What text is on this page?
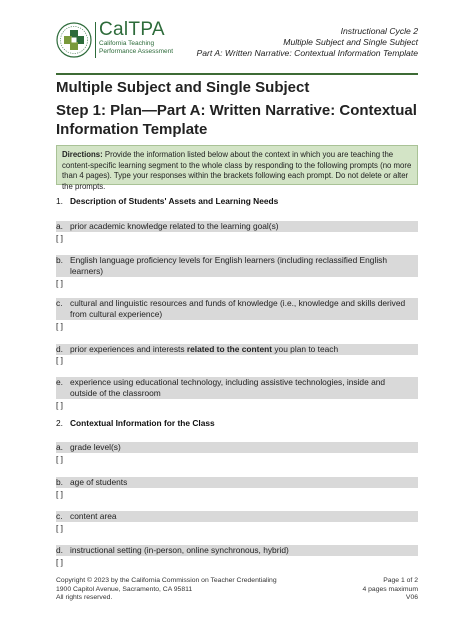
CalTPA
California Teaching
Performance Assessment
Instructional Cycle 2
Multiple Subject and Single Subject
Part A: Written Narrative: Contextual Information Template
Multiple Subject and Single Subject
Step 1: Plan—Part A: Written Narrative: Contextual Information Template
Directions: Provide the information listed below about the context in which you are teaching the content-specific learning segment to the whole class by responding to the following prompts (no more than 4 pages). Type your responses within the brackets following each prompt. Do not delete or alter the prompts.
1. Description of Students' Assets and Learning Needs
a. prior academic knowledge related to the learning goal(s)
[ ]
b. English language proficiency levels for English learners (including reclassified English learners)
[ ]
c. cultural and linguistic resources and funds of knowledge (i.e., knowledge and skills derived from cultural experience)
[ ]
d. prior experiences and interests related to the content you plan to teach
[ ]
e. experience using educational technology, including assistive technologies, inside and outside of the classroom
[ ]
2. Contextual Information for the Class
a. grade level(s)
[ ]
b. age of students
[ ]
c. content area
[ ]
d. instructional setting (in-person, online synchronous, hybrid)
[ ]
Copyright © 2023 by the California Commission on Teacher Credentialing
1900 Capitol Avenue, Sacramento, CA 95811
All rights reserved.
Page 1 of 2
4 pages maximum
V06
